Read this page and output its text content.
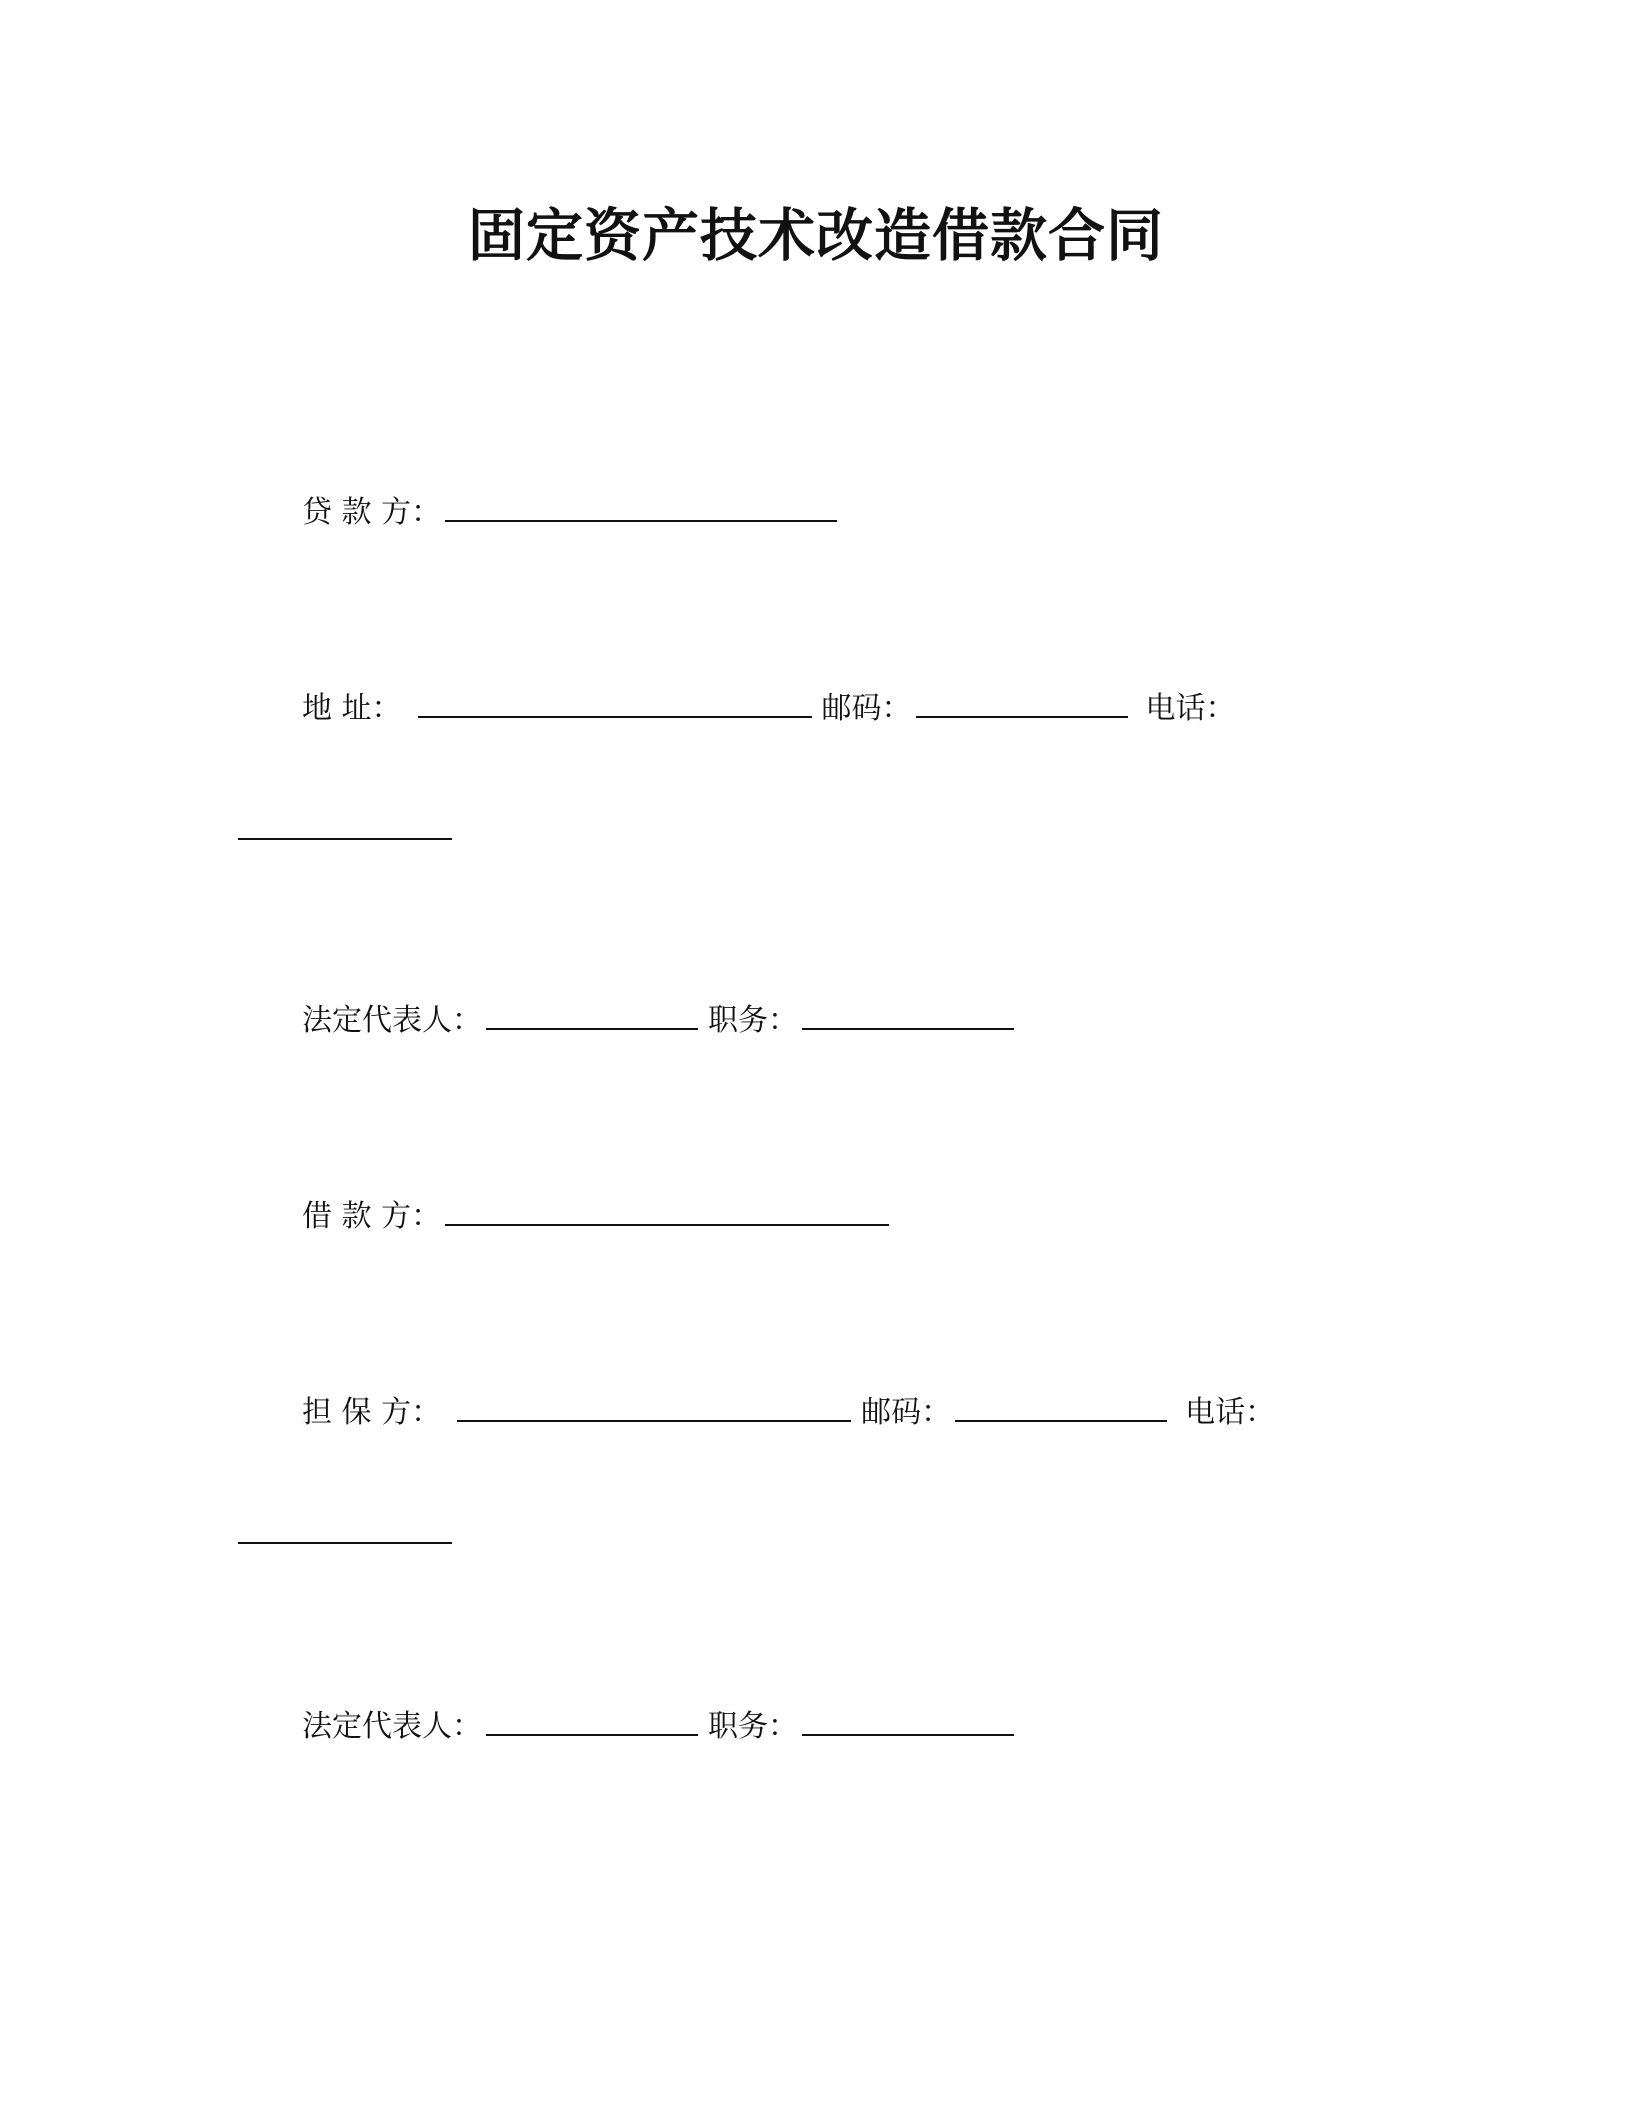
固定资产技术改造借款合同
贷 款 方：
地 址：	邮码：	电话：
法定代表人：	职务：
借 款 方：
担 保 方：	邮码：	电话：
法定代表人：	职务：
